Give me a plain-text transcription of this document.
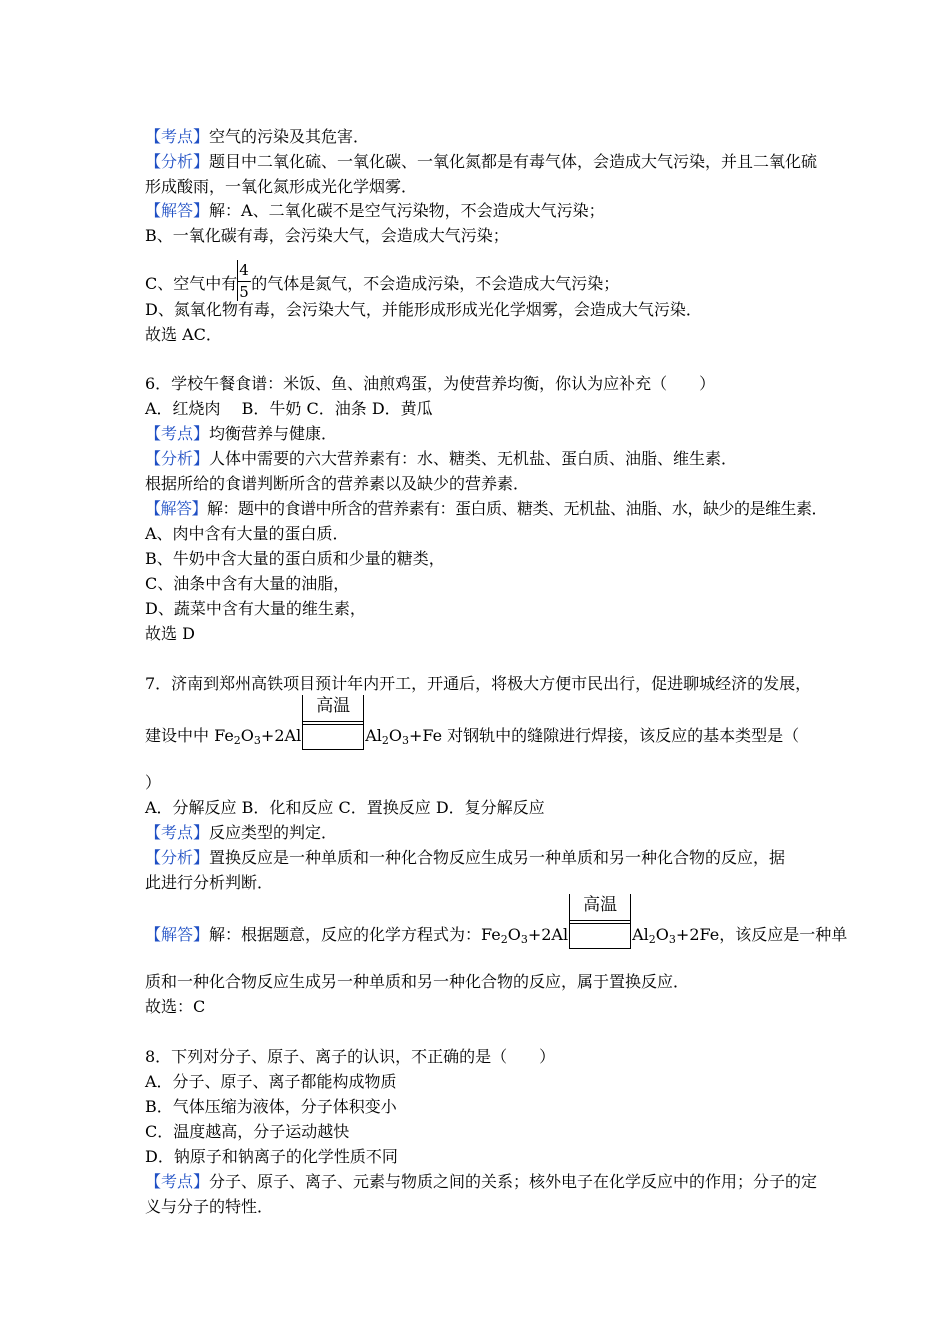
【考点】空气的污染及其危害．
【分析】题目中二氧化硫、一氧化碳、一氧化氮都是有毒气体，会造成大气污染，并且二氧化硫
形成酸雨，一氧化氮形成光化学烟雾．
【解答】解：A、二氧化碳不是空气污染物，不会造成大气污染；
B、一氧化碳有毒，会污染大气，会造成大气污染；
C、空气中有 $\frac{4}{5}$ 的气体是氮气，不会造成污染，不会造成大气污染；
D、氮氧化物有毒，会污染大气，并能形成形成光化学烟雾，会造成大气污染．
故选 AC．
6．学校午餐食谱：米饭、鱼、油煎鸡蛋，为使营养均衡，你认为应补充（　　）
A．红烧肉　 B．牛奶 C．油条 D．黄瓜
【考点】均衡营养与健康．
【分析】人体中需要的六大营养素有：水、糖类、无机盐、蛋白质、油脂、维生素．
根据所给的食谱判断所含的营养素以及缺少的营养素．
【解答】解：题中的食谱中所含的营养素有：蛋白质、糖类、无机盐、油脂、水，缺少的是维生素．
A、肉中含有大量的蛋白质．
B、牛奶中含大量的蛋白质和少量的糖类，
C、油条中含有大量的油脂，
D、蔬菜中含有大量的维生素，
故选 D
7．济南到郑州高铁项目预计年内开工，开通后，将极大方便市民出行，促进聊城经济的发展，
建设中中 $Fe_2O_3+2Al$
高温
$Al_2O_3+Fe$ 对钢轨中的缝隙进行焊接，该反应的基本类型是（
）
A．分解反应 B．化和反应 C．置换反应 D．复分解反应
【考点】反应类型的判定．
【分析】置换反应是一种单质和一种化合物反应生成另一种单质和另一种化合物的反应，据
此进行分析判断．
【解答】解：根据题意，反应的化学方程式为：$Fe_2O_3+2Al$
高温
$Al_2O_3+2Fe$，该反应是一种单
质和一种化合物反应生成另一种单质和另一种化合物的反应，属于置换反应．
故选：C
8．下列对分子、原子、离子的认识，不正确的是（　　）
A．分子、原子、离子都能构成物质
B．气体压缩为液体，分子体积变小
C．温度越高，分子运动越快
D．钠原子和钠离子的化学性质不同
【考点】分子、原子、离子、元素与物质之间的关系；核外电子在化学反应中的作用；分子的定
义与分子的特性．
